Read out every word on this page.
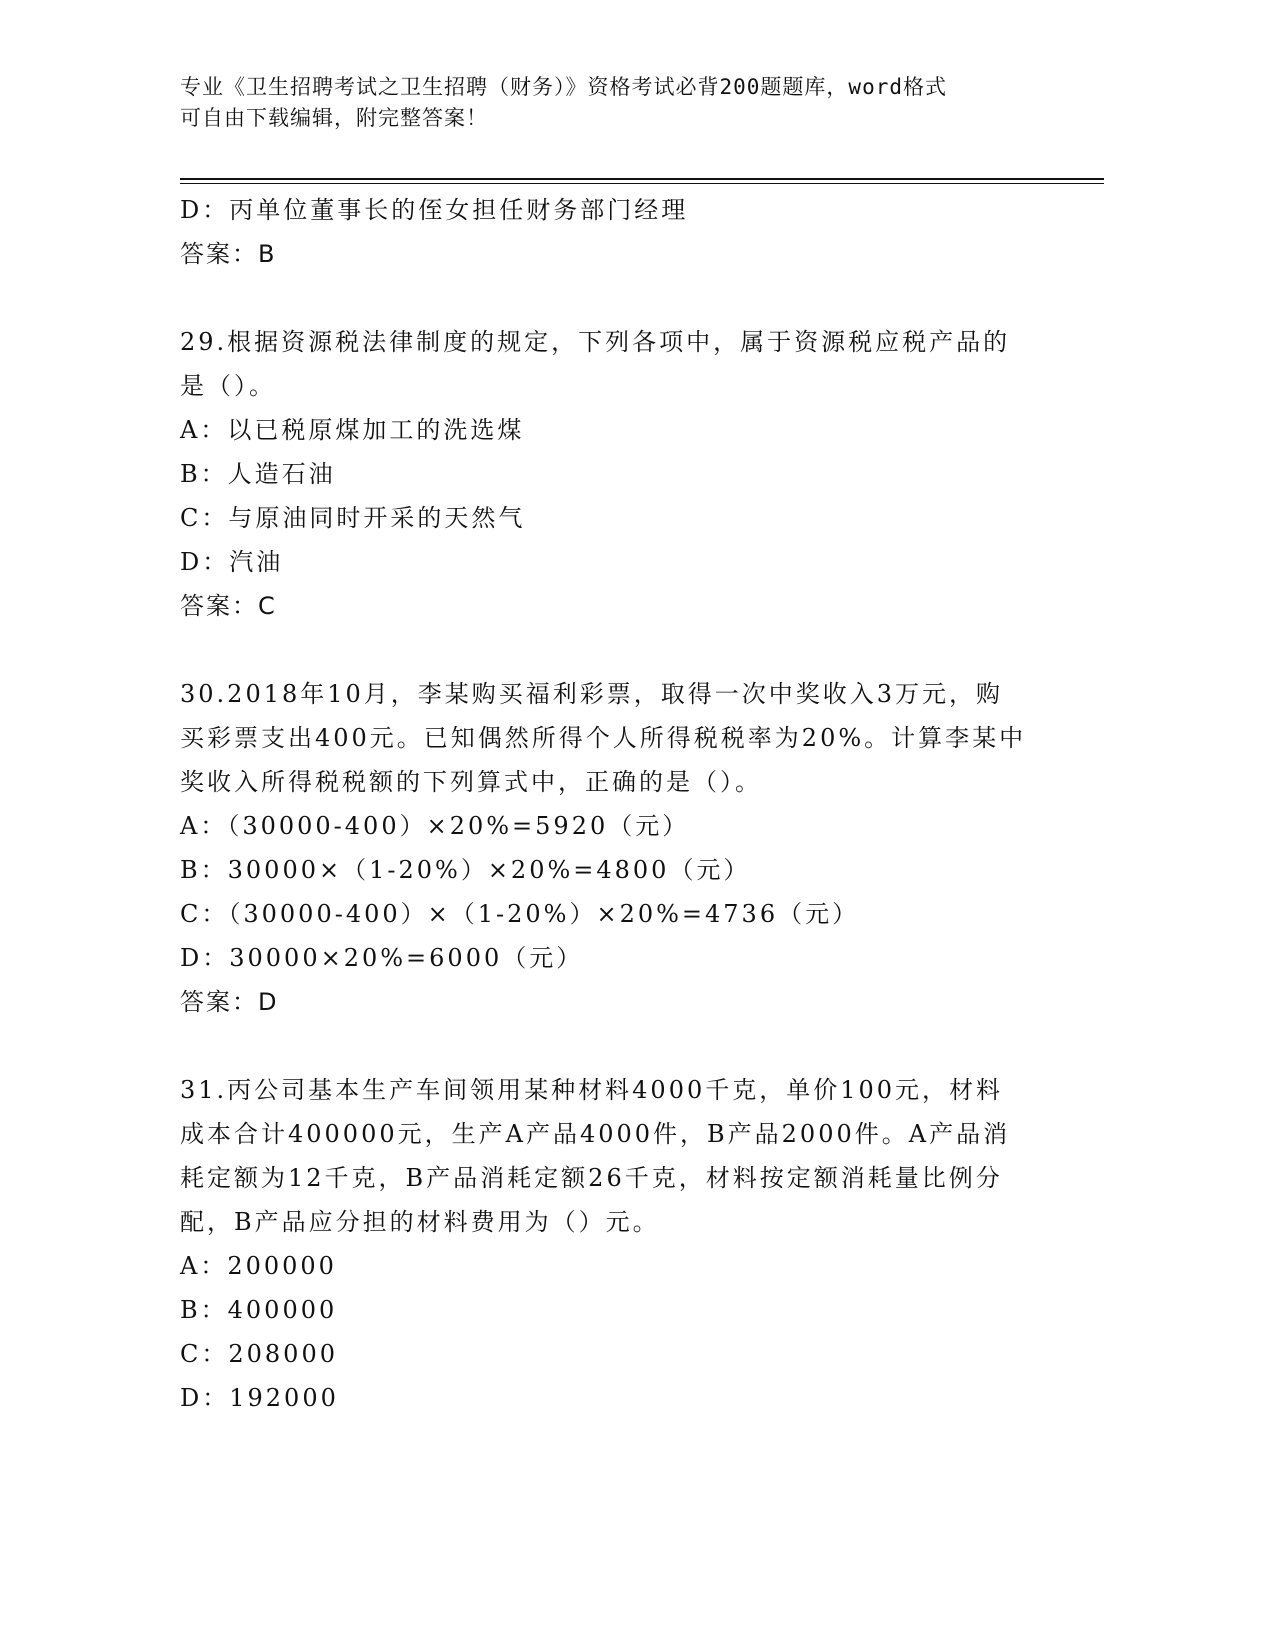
专业《卫生招聘考试之卫生招聘（财务）》资格考试必背200题题库，word格式
可自由下载编辑，附完整答案！
D：丙单位董事长的侄女担任财务部门经理
答案：B
29.根据资源税法律制度的规定，下列各项中，属于资源税应税产品的
是（）。
A：以已税原煤加工的洗选煤
B：人造石油
C：与原油同时开采的天然气
D：汽油
答案：C
30.2018年10月，李某购买福利彩票，取得一次中奖收入3万元，购
买彩票支出400元。已知偶然所得个人所得税税率为20%。计算李某中
奖收入所得税税额的下列算式中，正确的是（）。
A：（30000-400）×20%=5920（元）
B：30000×（1-20%）×20%=4800（元）
C：（30000-400）×（1-20%）×20%=4736（元）
D：30000×20%=6000（元）
答案：D
31.丙公司基本生产车间领用某种材料4000千克，单价100元，材料
成本合计400000元，生产A产品4000件，B产品2000件。A产品消
耗定额为12千克，B产品消耗定额26千克，材料按定额消耗量比例分
配，B产品应分担的材料费用为（）元。
A：200000
B：400000
C：208000
D：192000
